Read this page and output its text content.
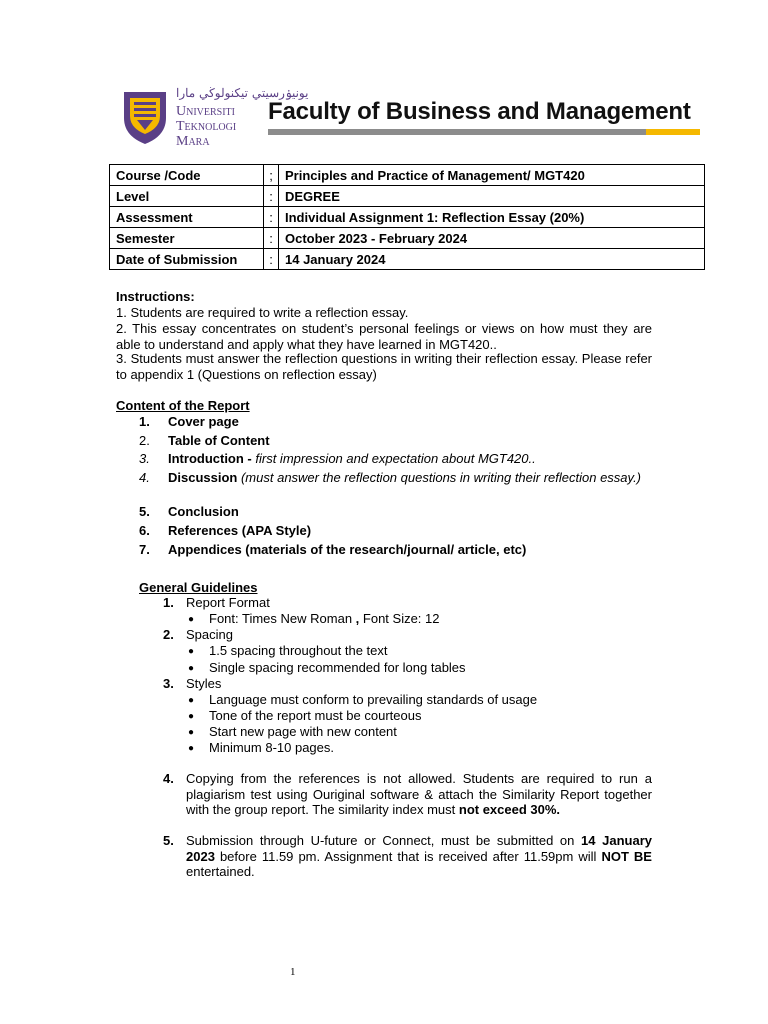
يونيۏرسيتي تيكنولوڬي مارا
Universiti
Teknologi
Mara
Faculty of Business and Management
Course /Code	;	Principles and Practice of Management/ MGT420
Level	:	DEGREE
Assessment	:	Individual Assignment 1: Reflection Essay (20%)
Semester	:	October 2023 - February 2024
Date of Submission	:	14 January 2024
Instructions:
1. Students are required to write a reflection essay.
2. This essay concentrates on student’s personal feelings or views on how must they are able to understand and apply what they have learned in MGT420..
3. Students must answer the reflection questions in writing their reflection essay. Please refer to appendix 1 (Questions on reflection essay)
Content of the Report
1. Cover page
2. Table of Content
3. Introduction - first impression and expectation about MGT420..
4. Discussion (must answer the reflection questions in writing their reflection essay.)
5. Conclusion
6. References (APA Style)
7. Appendices (materials of the research/journal/ article, etc)
General Guidelines
1. Report Format
● Font: Times New Roman , Font Size: 12
2. Spacing
● 1.5 spacing throughout the text
● Single spacing recommended for long tables
3. Styles
● Language must conform to prevailing standards of usage
● Tone of the report must be courteous
● Start new page with new content
● Minimum 8-10 pages.
4. Copying from the references is not allowed. Students are required to run a plagiarism test using Ouriginal software & attach the Similarity Report together with the group report. The similarity index must not exceed 30%.
5. Submission through U-future or Connect, must be submitted on 14 January 2023 before 11.59 pm. Assignment that is received after 11.59pm will NOT BE entertained.
1
